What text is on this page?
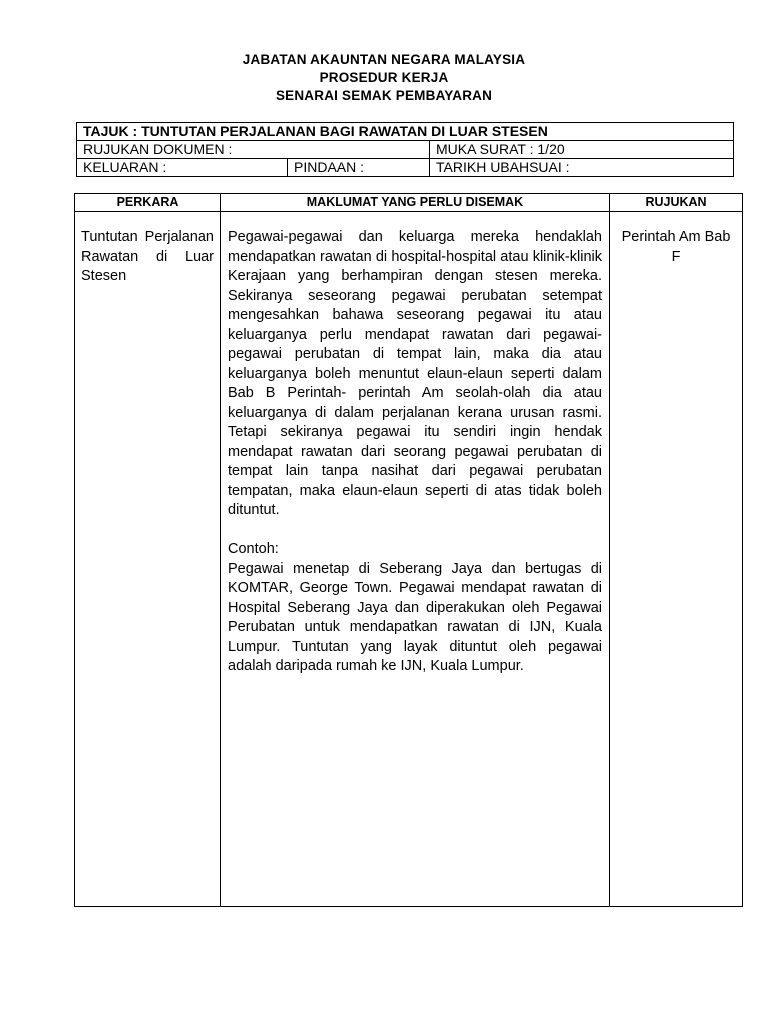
JABATAN AKAUNTAN NEGARA MALAYSIA
PROSEDUR KERJA
SENARAI SEMAK PEMBAYARAN
TAJUK : TUNTUTAN PERJALANAN BAGI RAWATAN DI LUAR STESEN		
RUJUKAN DOKUMEN :		MUKA SURAT : 1/20
KELUARAN :	PINDAAN :	TARIKH UBAHSUAI :
PERKARA	MAKLUMAT YANG PERLU DISEMAK	RUJUKAN
Tuntutan Perjalanan Rawatan di Luar Stesen	Pegawai-pegawai dan keluarga mereka hendaklah mendapatkan rawatan di hospital-hospital atau klinik-klinik Kerajaan yang berhampiran dengan stesen mereka. Sekiranya seseorang pegawai perubatan setempat mengesahkan bahawa seseorang pegawai itu atau keluarganya perlu mendapat rawatan dari pegawai-pegawai perubatan di tempat lain, maka dia atau keluarganya boleh menuntut elaun-elaun seperti dalam Bab B Perintah- perintah Am seolah-olah dia atau keluarganya di dalam perjalanan kerana urusan rasmi. Tetapi sekiranya pegawai itu sendiri ingin hendak mendapat rawatan dari seorang pegawai perubatan di tempat lain tanpa nasihat dari pegawai perubatan tempatan, maka elaun-elaun seperti di atas tidak boleh dituntut.

Contoh:

Pegawai menetap di Seberang Jaya dan bertugas di KOMTAR, George Town. Pegawai mendapat rawatan di Hospital Seberang Jaya dan diperakukan oleh Pegawai Perubatan untuk mendapatkan rawatan di IJN, Kuala Lumpur. Tuntutan yang layak dituntut oleh pegawai adalah daripada rumah ke IJN, Kuala Lumpur.	Perintah Am Bab F
